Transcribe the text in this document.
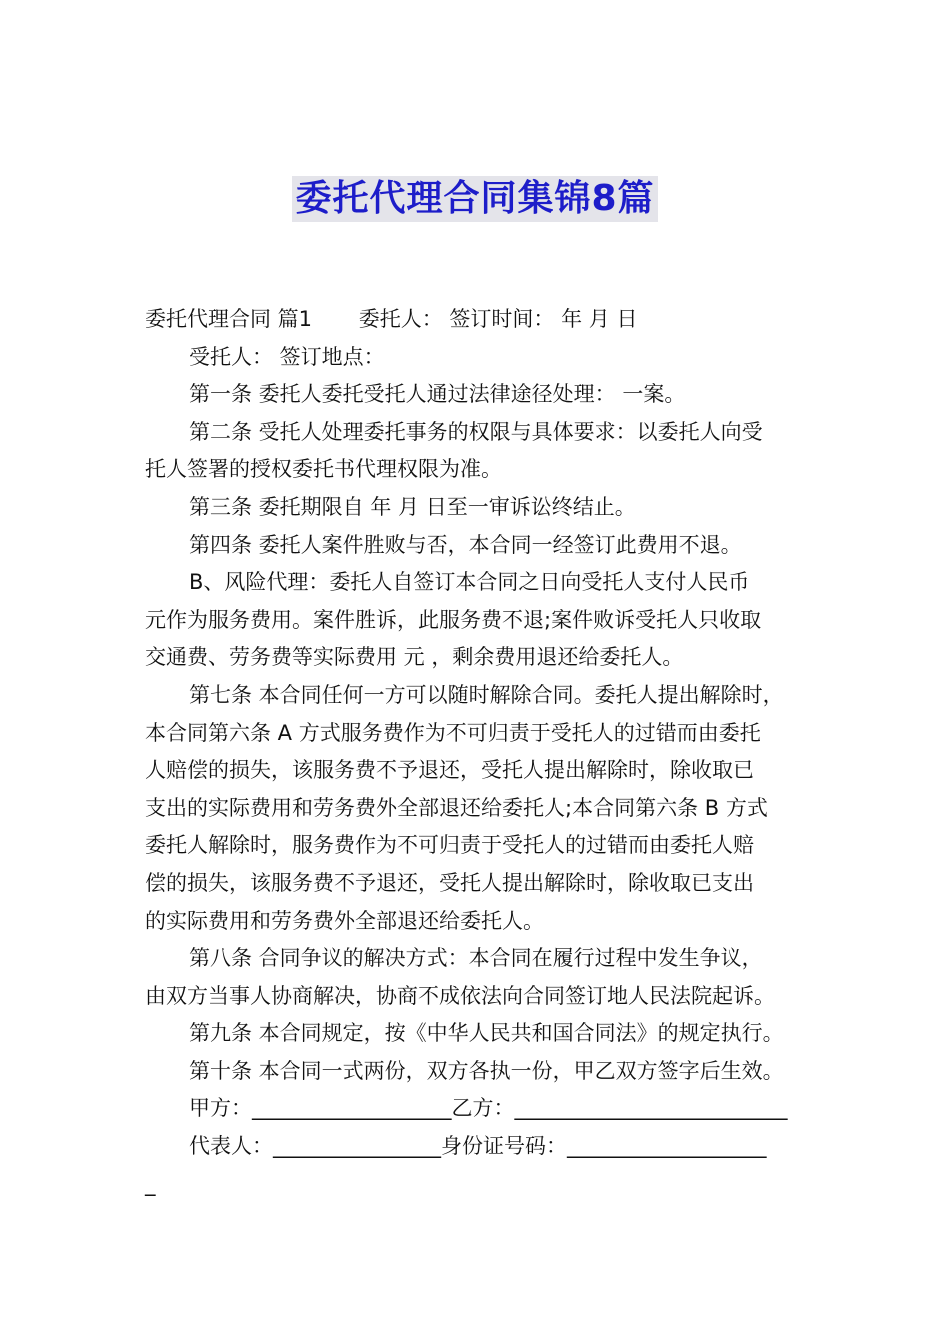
委托代理合同集锦8篇
委托代理合同 篇1       委托人： 签订时间： 年 月 日
受托人： 签订地点：
第一条 委托人委托受托人通过法律途径处理： 一案。
第二条 受托人处理委托事务的权限与具体要求：以委托人向受
托人签署的授权委托书代理权限为准。
第三条 委托期限自 年 月 日至一审诉讼终结止。
第四条 委托人案件胜败与否，本合同一经签订此费用不退。
B、风险代理：委托人自签订本合同之日向受托人支付人民币
元作为服务费用。案件胜诉，此服务费不退;案件败诉受托人只收取
交通费、劳务费等实际费用 元 ，剩余费用退还给委托人。
第七条 本合同任何一方可以随时解除合同。委托人提出解除时，
本合同第六条 A 方式服务费作为不可归责于受托人的过错而由委托
人赔偿的损失，该服务费不予退还，受托人提出解除时，除收取已
支出的实际费用和劳务费外全部退还给委托人;本合同第六条 B 方式
委托人解除时，服务费作为不可归责于受托人的过错而由委托人赔
偿的损失，该服务费不予退还，受托人提出解除时，除收取已支出
的实际费用和劳务费外全部退还给委托人。
第八条 合同争议的解决方式：本合同在履行过程中发生争议，
由双方当事人协商解决，协商不成依法向合同签订地人民法院起诉。
第九条 本合同规定，按《中华人民共和国合同法》的规定执行。
第十条 本合同一式两份，双方各执一份，甲乙双方签字后生效。
甲方：___________________乙方：__________________________
代表人：________________身份证号码：___________________
_
